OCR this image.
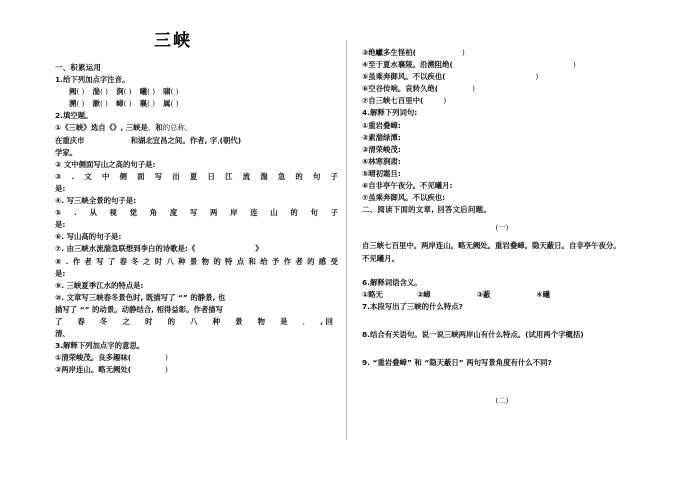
三峡
一、积累运用
1.给下列加点字注音。
阙( ) 湍( ) 涧( ) 曦( ) 啸( )
溯( ) 漱( ) 嶂( ) 襄( ) 属( )
2.填空题。
①《三峡》选自《》, 三峡是、和的总称,
在重庆市	和湖北宜昌之间。作者, 字,(朝代)
学家。
② 文中侧面写山之高的句子是:
③ . 文 中 侧 面 写 出 夏 日 江 流 湍 急 的 句 子
是:
④. 写三峡全景的句子是:
⑤ . 从 视 觉 角 度 写 两 岸 连 山 的 句 子
是:
⑥. 写山高的句子是:
⑦. 由三峡水流湍急联想到李白的诗歌是:《	》
⑧ . 作 者 写 了 春 冬 之 时 八 种 景 物 的 特 点 和 给 予 作 者 的 感 受
是:
⑨. 三峡夏季江水的特点是:
⑩. 文章写三峡春冬景色时, 既描写了 “” 的静景, 也
描写了 “” 的动景。动静结合, 相得益彰。作者描写
了 春 冬 之 时 的 八 种 景 物 是 , , 回
清、
3.解释下列加点字的意思。
①清荣峻茂。良多趣味(	)
②两岸连山。略无阙处(	)
③绝巘多生怪柏(	)
④至于夏水襄陵。沿溯阻绝(	)
⑤虽乘奔御风。不以疾也(	)
⑥空谷传响。哀转久绝(	)
⑦自三峡七百里中(	)
4.解释下列词句:
①重岩叠嶂:
②素湍绿潭:
③清荣峻茂:
④林寒涧肃:
⑤晴初霜旦:
⑥自非亭午夜分。不见曦月:
⑦虽乘奔御风。不以疾也:
二、阅读下面的文章, 回答文后问题。
(一)
自三峡七百里中。两岸连山。略无阙处。重岩叠嶂。隐天蔽日。自非亭午夜分。
不见曦月。
6.解释词语含义。
①略无	②嶂	③蔽	④曦
7.本段写出了三峡的什么特点?
8.结合有关语句。说一说三峡两岸山有什么特点。(试用两个字概括)
9. “重岩叠嶂” 和 “隐天蔽日” 两句写景角度有什么不同?
(二)
